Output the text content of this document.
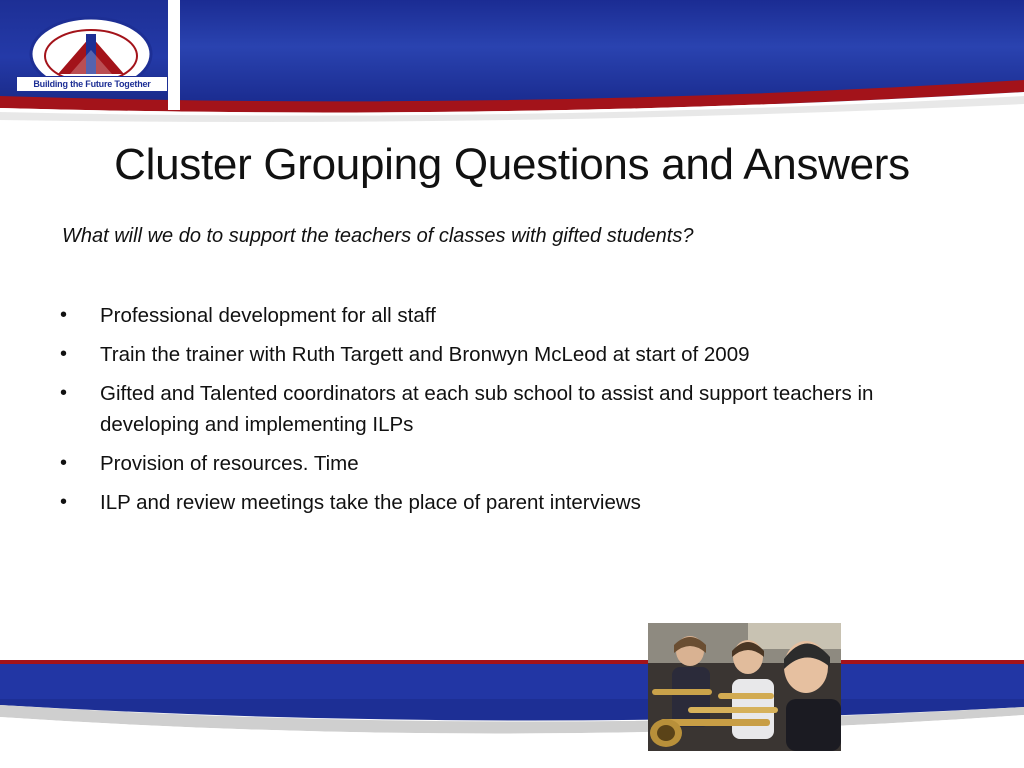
Building the Future Together
Cluster Grouping Questions and Answers
What will we do to support the teachers of classes with gifted students?
• Professional development for all staff
• Train the trainer with Ruth Targett and Bronwyn McLeod at start of 2009
• Gifted and Talented coordinators at each sub school to assist and support teachers in developing and implementing ILPs
• Provision of resources. Time
• ILP and review meetings take the place of parent interviews
